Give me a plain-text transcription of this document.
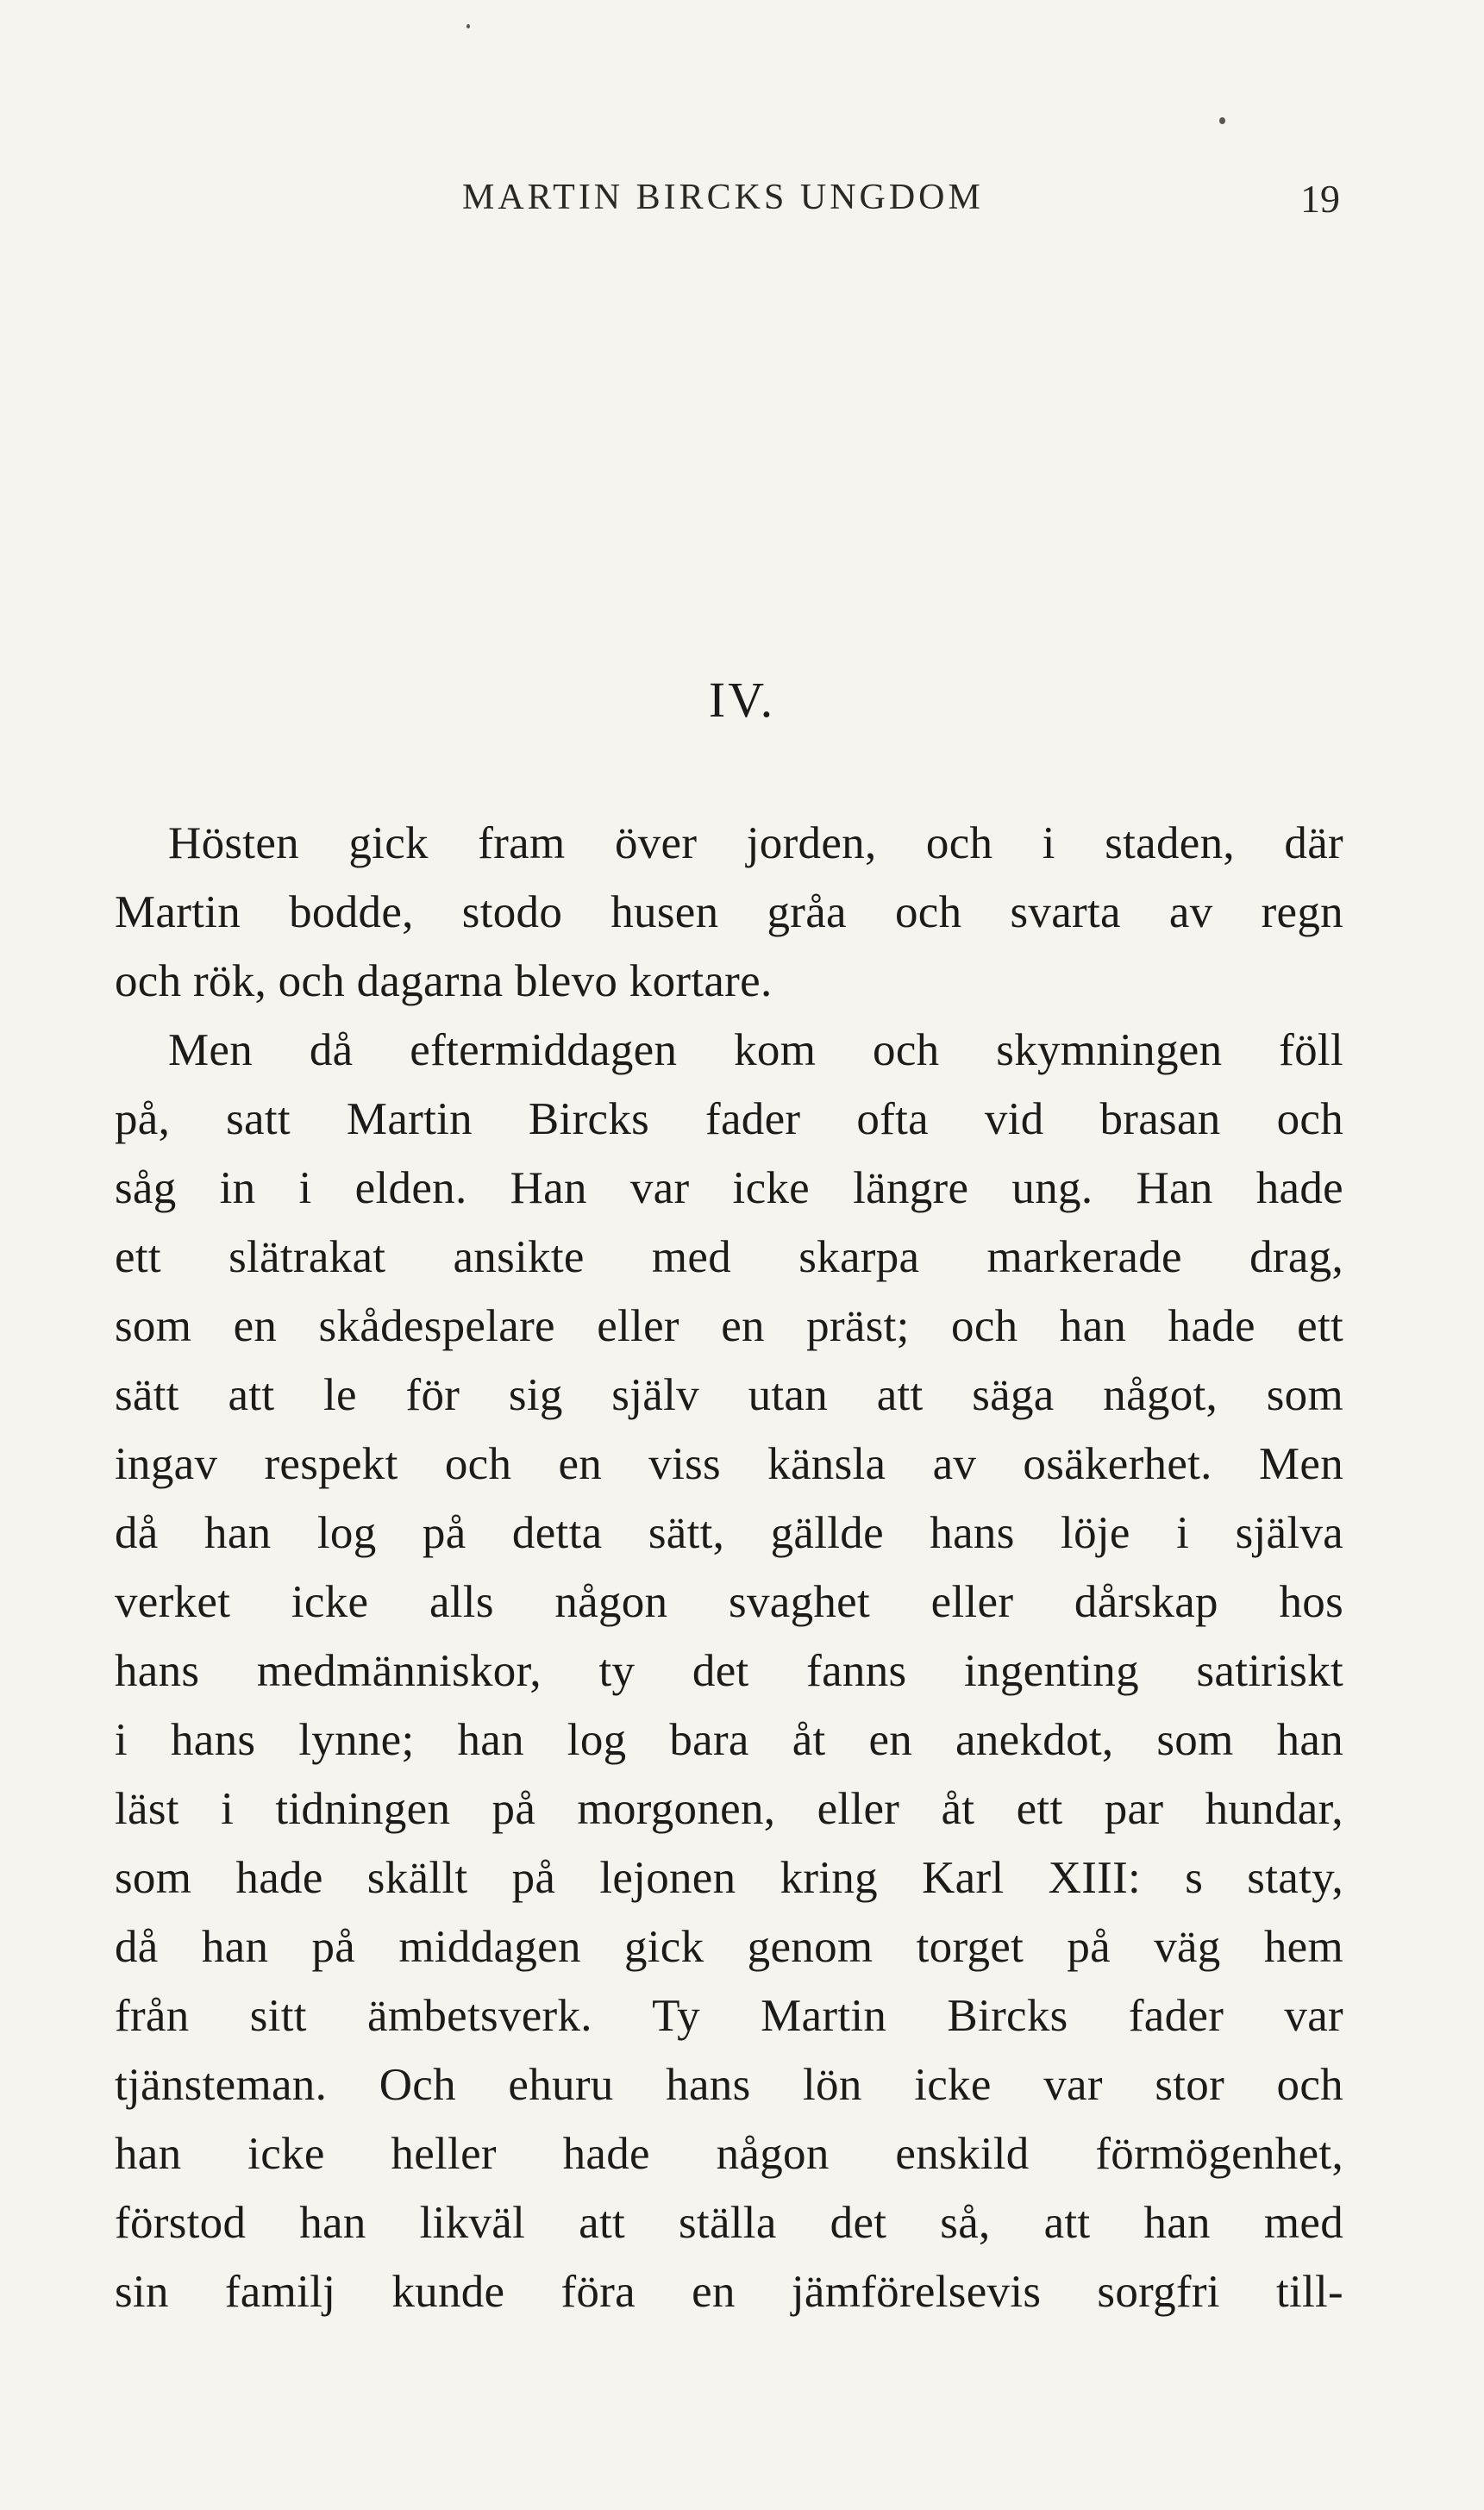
MARTIN BIRCKS UNGDOM	19
IV.
Hösten gick fram över jorden, och i staden, där
Martin bodde, stodo husen gråa och svarta av regn
och rök, och dagarna blevo kortare.
Men då eftermiddagen kom och skymningen föll
på, satt Martin Bircks fader ofta vid brasan och
såg in i elden. Han var icke längre ung. Han hade
ett slätrakat ansikte med skarpa markerade drag,
som en skådespelare eller en präst; och han hade ett
sätt att le för sig själv utan att säga något, som
ingav respekt och en viss känsla av osäkerhet. Men
då han log på detta sätt, gällde hans löje i själva
verket icke alls någon svaghet eller dårskap hos
hans medmänniskor, ty det fanns ingenting satiriskt
i hans lynne; han log bara åt en anekdot, som han
läst i tidningen på morgonen, eller åt ett par hundar,
som hade skällt på lejonen kring Karl XIII: s staty,
då han på middagen gick genom torget på väg hem
från sitt ämbetsverk. Ty Martin Bircks fader var
tjänsteman. Och ehuru hans lön icke var stor och
han icke heller hade någon enskild förmögenhet,
förstod han likväl att ställa det så, att han med
sin familj kunde föra en jämförelsevis sorgfri till-
